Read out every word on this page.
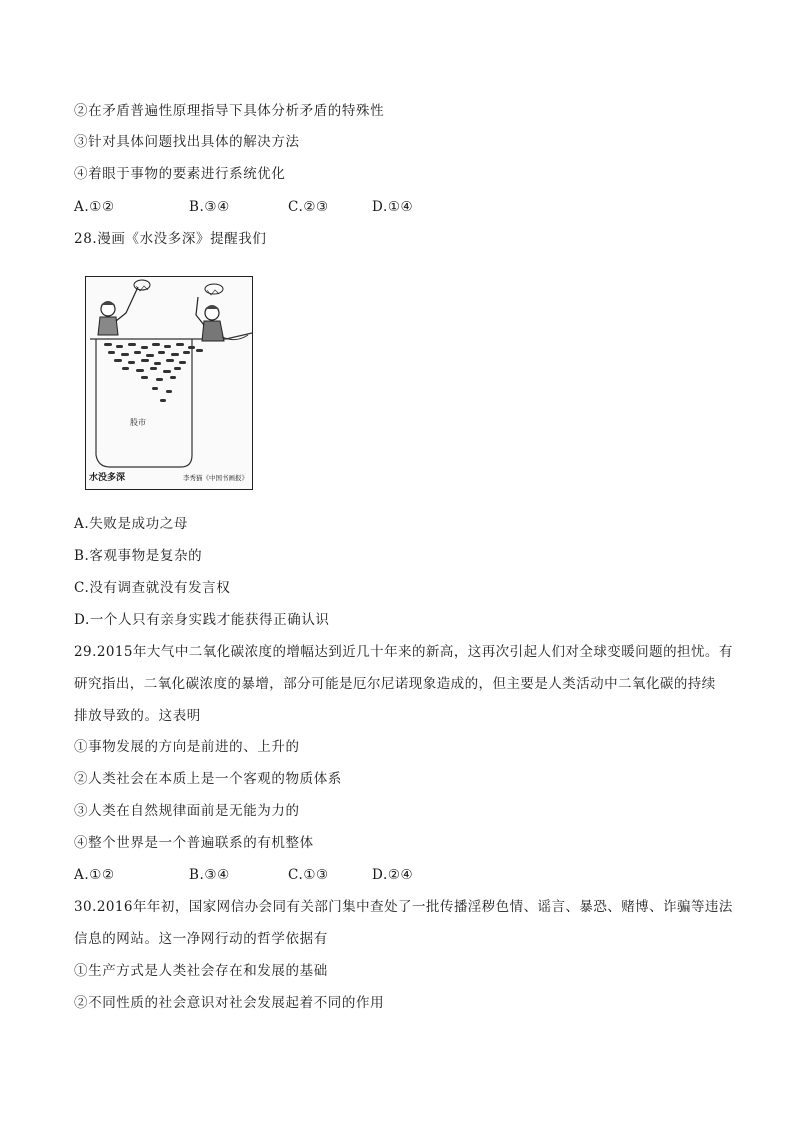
②在矛盾普遍性原理指导下具体分析矛盾的特殊性
③针对具体问题找出具体的解决方法
④着眼于事物的要素进行系统优化
A.①②	B.③④	C.②③	D.①④
28.漫画《水没多深》提醒我们
股市
水没多深	李秀猫《中国书画报》
A.失败是成功之母
B.客观事物是复杂的
C.没有调查就没有发言权
D.一个人只有亲身实践才能获得正确认识
29.2015年大气中二氧化碳浓度的增幅达到近几十年来的新高，这再次引起人们对全球变暖问题的担忧。有
研究指出，二氧化碳浓度的暴增，部分可能是厄尔尼诺现象造成的，但主要是人类活动中二氧化碳的持续
排放导致的。这表明
①事物发展的方向是前进的、上升的
②人类社会在本质上是一个客观的物质体系
③人类在自然规律面前是无能为力的
④整个世界是一个普遍联系的有机整体
A.①②	B.③④	C.①③	D.②④
30.2016年年初，国家网信办会同有关部门集中查处了一批传播淫秽色情、谣言、暴恐、赌博、诈骗等违法
信息的网站。这一净网行动的哲学依据有
①生产方式是人类社会存在和发展的基础
②不同性质的社会意识对社会发展起着不同的作用
